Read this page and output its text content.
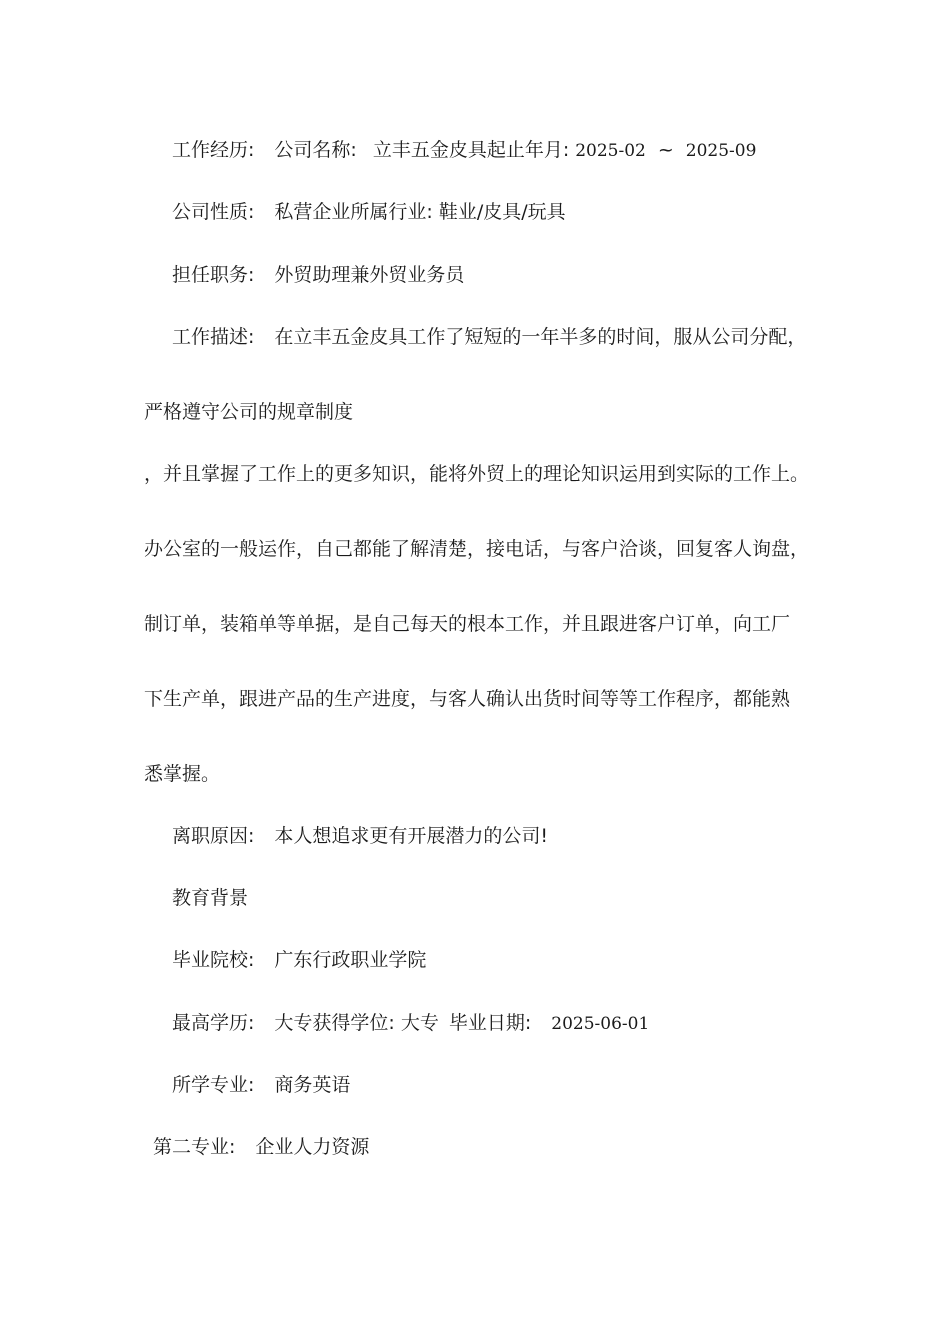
工作经历: 公司名称: 立丰五金皮具起止年月: 2025-02 ~ 2025-09
公司性质: 私营企业所属行业: 鞋业/皮具/玩具
担任职务: 外贸助理兼外贸业务员
工作描述: 在立丰五金皮具工作了短短的一年半多的时间，服从公司分配，
严格遵守公司的规章制度
，并且掌握了工作上的更多知识，能将外贸上的理论知识运用到实际的工作上。
办公室的一般运作，自己都能了解清楚，接电话，与客户洽谈，回复客人询盘，
制订单，装箱单等单据，是自己每天的根本工作，并且跟进客户订单，向工厂
下生产单，跟进产品的生产进度，与客人确认出货时间等等工作程序，都能熟
悉掌握。
离职原因: 本人想追求更有开展潜力的公司!
教育背景
毕业院校: 广东行政职业学院
最高学历: 大专获得学位: 大专 毕业日期: 2025-06-01
所学专业: 商务英语
第二专业: 企业人力资源
